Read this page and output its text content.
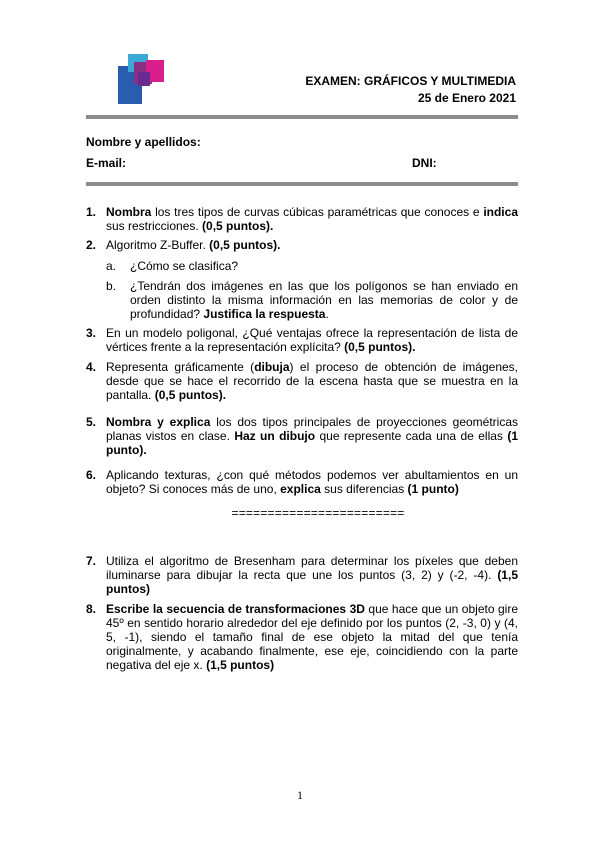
EXAMEN: GRÁFICOS Y MULTIMEDIA
25 de Enero 2021
Nombre y apellidos:
E-mail:	DNI:
1. Nombra los tres tipos de curvas cúbicas paramétricas que conoces e indica sus restricciones. (0,5 puntos).
2. Algoritmo Z-Buffer. (0,5 puntos).
a. ¿Cómo se clasifica?
b. ¿Tendrán dos imágenes en las que los polígonos se han enviado en orden distinto la misma información en las memorias de color y de profundidad? Justifica la respuesta.
3. En un modelo poligonal, ¿Qué ventajas ofrece la representación de lista de vértices frente a la representación explícita? (0,5 puntos).
4. Representa gráficamente (dibuja) el proceso de obtención de imágenes, desde que se hace el recorrido de la escena hasta que se muestra en la pantalla. (0,5 puntos).
5. Nombra y explica los dos tipos principales de proyecciones geométricas planas vistos en clase. Haz un dibujo que represente cada una de ellas (1 punto).
6. Aplicando texturas, ¿con qué métodos podemos ver abultamientos en un objeto? Si conoces más de uno, explica sus diferencias (1 punto)
========================
7. Utiliza el algoritmo de Bresenham para determinar los píxeles que deben iluminarse para dibujar la recta que une los puntos (3, 2) y (-2, -4). (1,5 puntos)
8. Escribe la secuencia de transformaciones 3D que hace que un objeto gire 45º en sentido horario alrededor del eje definido por los puntos (2, -3, 0) y (4, 5, -1), siendo el tamaño final de ese objeto la mitad del que tenía originalmente, y acabando finalmente, ese eje, coincidiendo con la parte negativa del eje x. (1,5 puntos)
1
